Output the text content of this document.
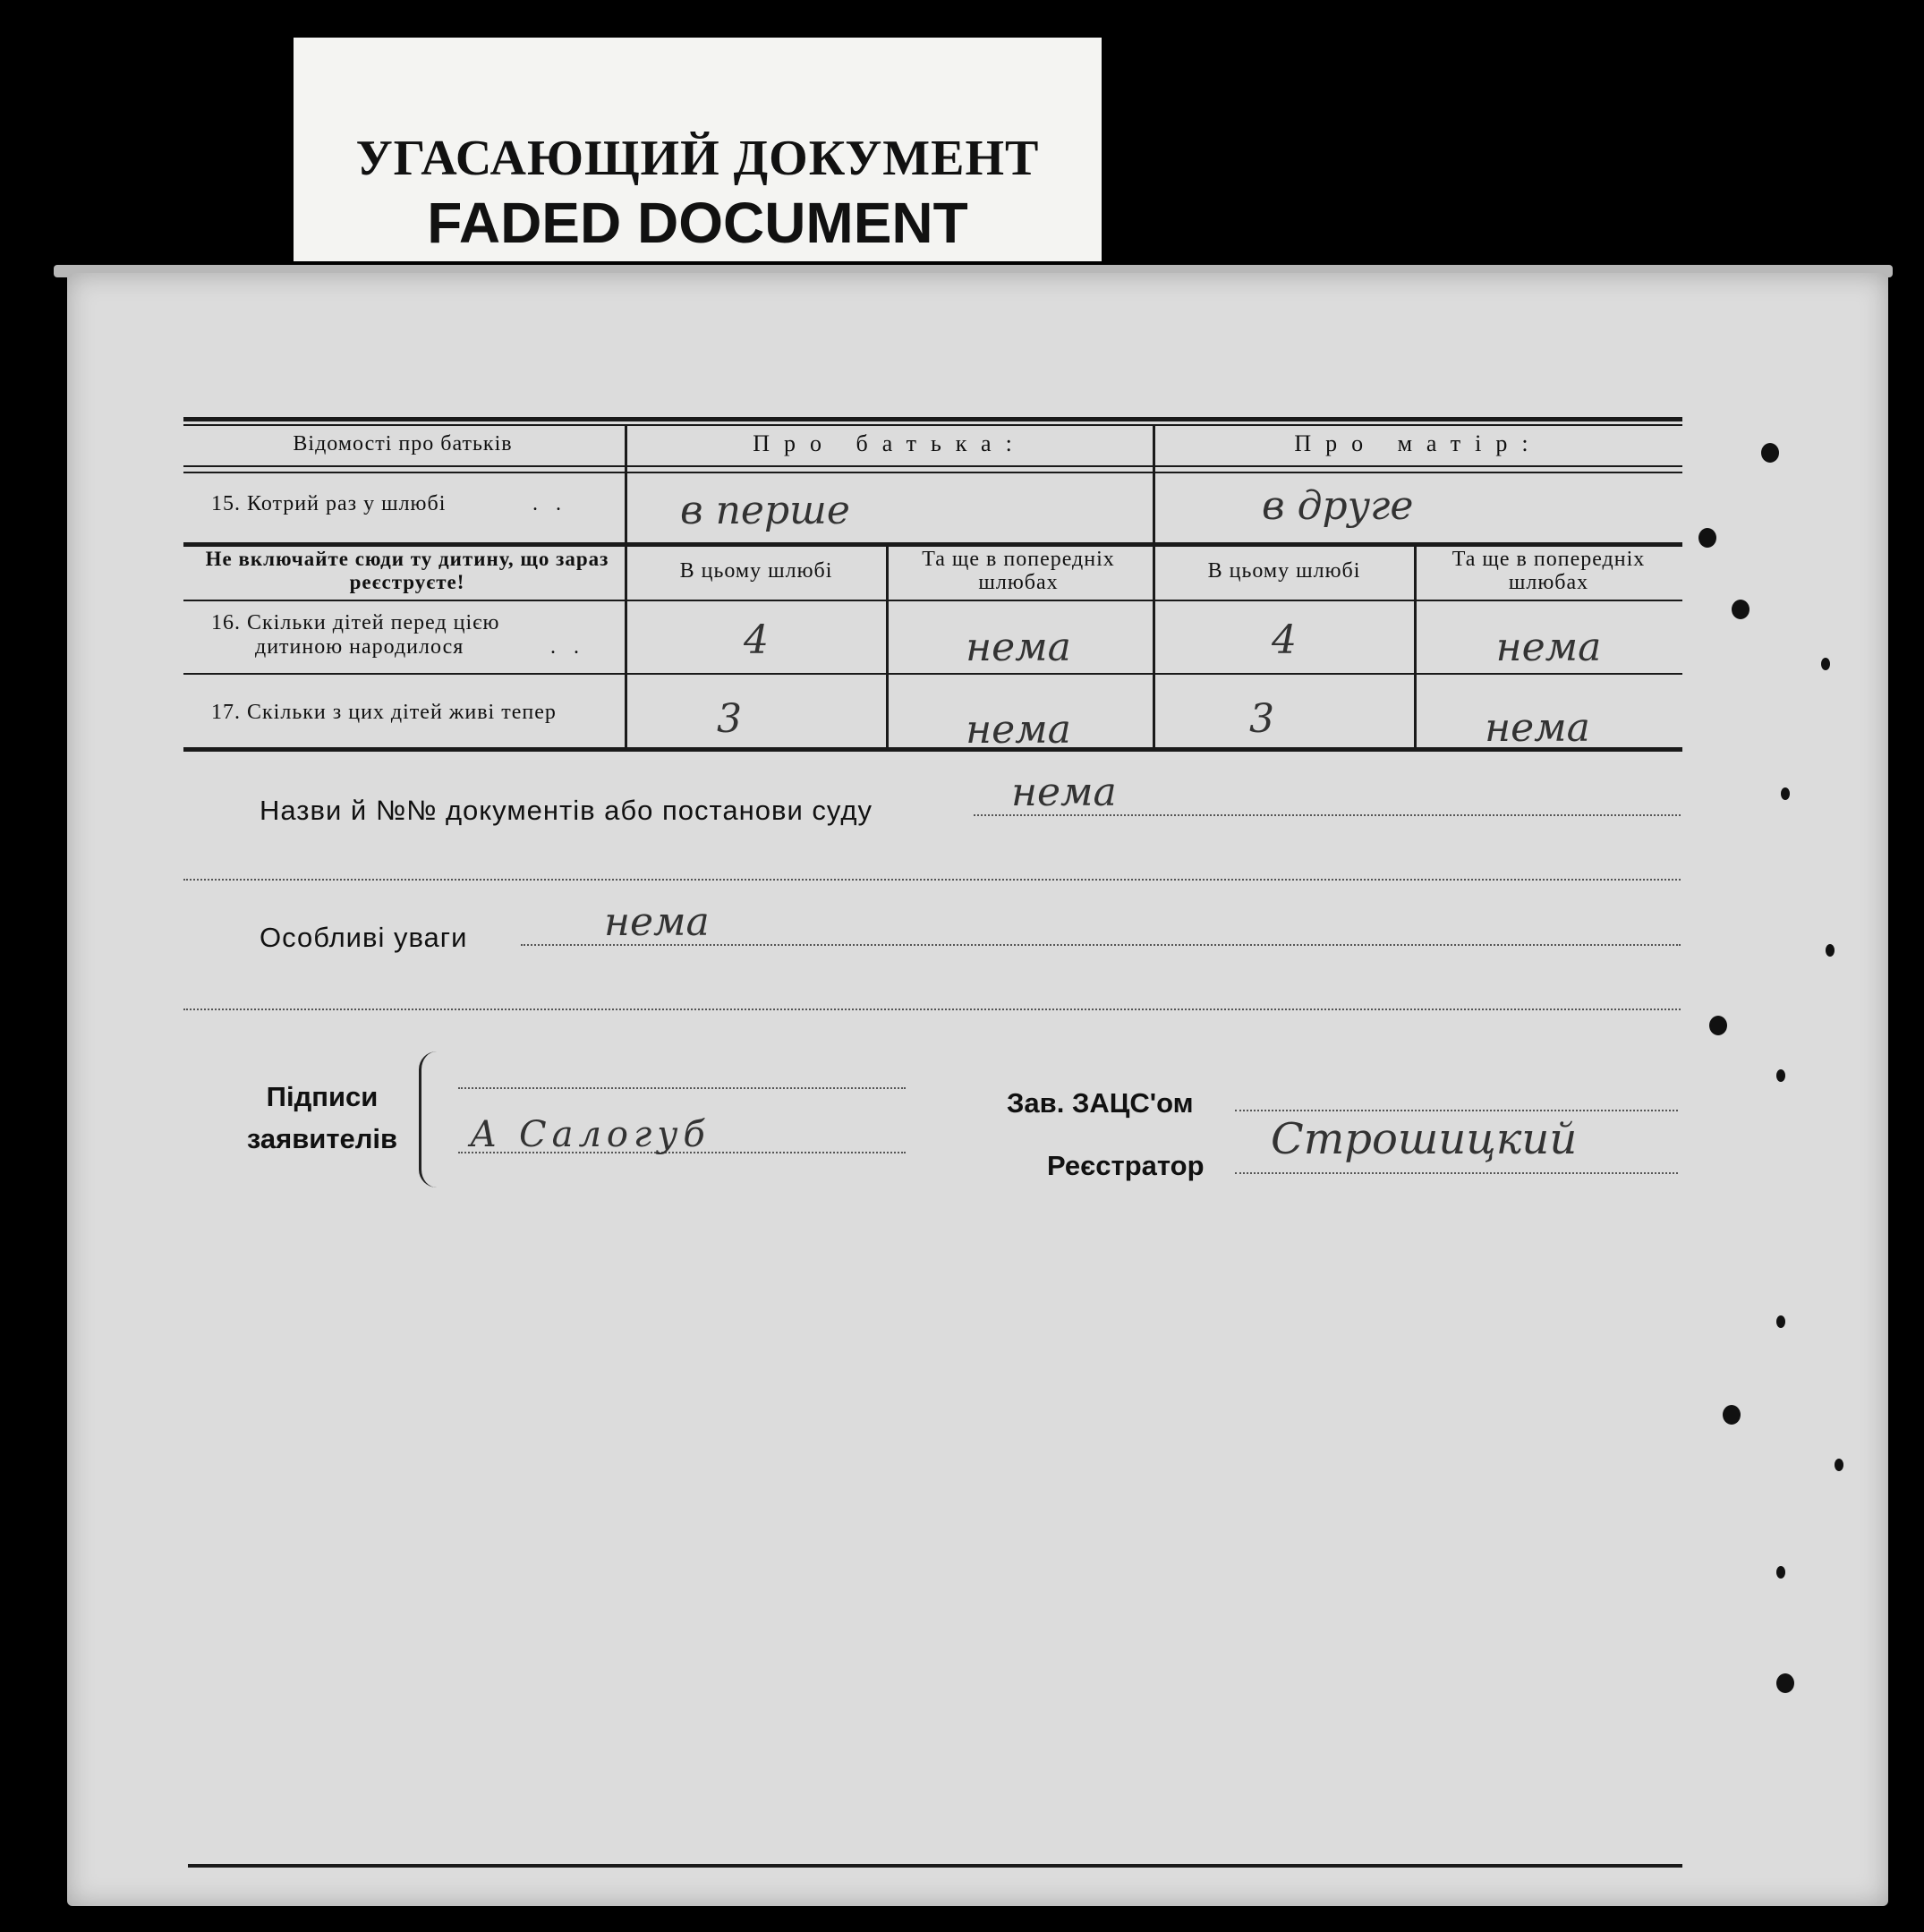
УГАСАЮЩИЙ ДОКУМЕНТ
FADED DOCUMENT
Відомості про батьків	Про батька:	Про матір:
15. Котрий раз у шлюбі	..	в перше	в друге
Не включайте сюди ту дитину, що зараз реєструєте!	В цьому шлюбі	Та ще в попередніх шлюбах	В цьому шлюбі	Та ще в попередніх шлюбах
16. Скільки дітей перед цією
дитиною народилося	..	4	нема	4	нема
17. Скільки з цих дітей живі тепер	3	нема	3	нема
Назви й №№ документів або постанови суду	нема
Особливі уваги	нема
Підписи
заявителів А Салогуб
Зав. ЗАЦС'ом
Реєстратор
Строшицкий
